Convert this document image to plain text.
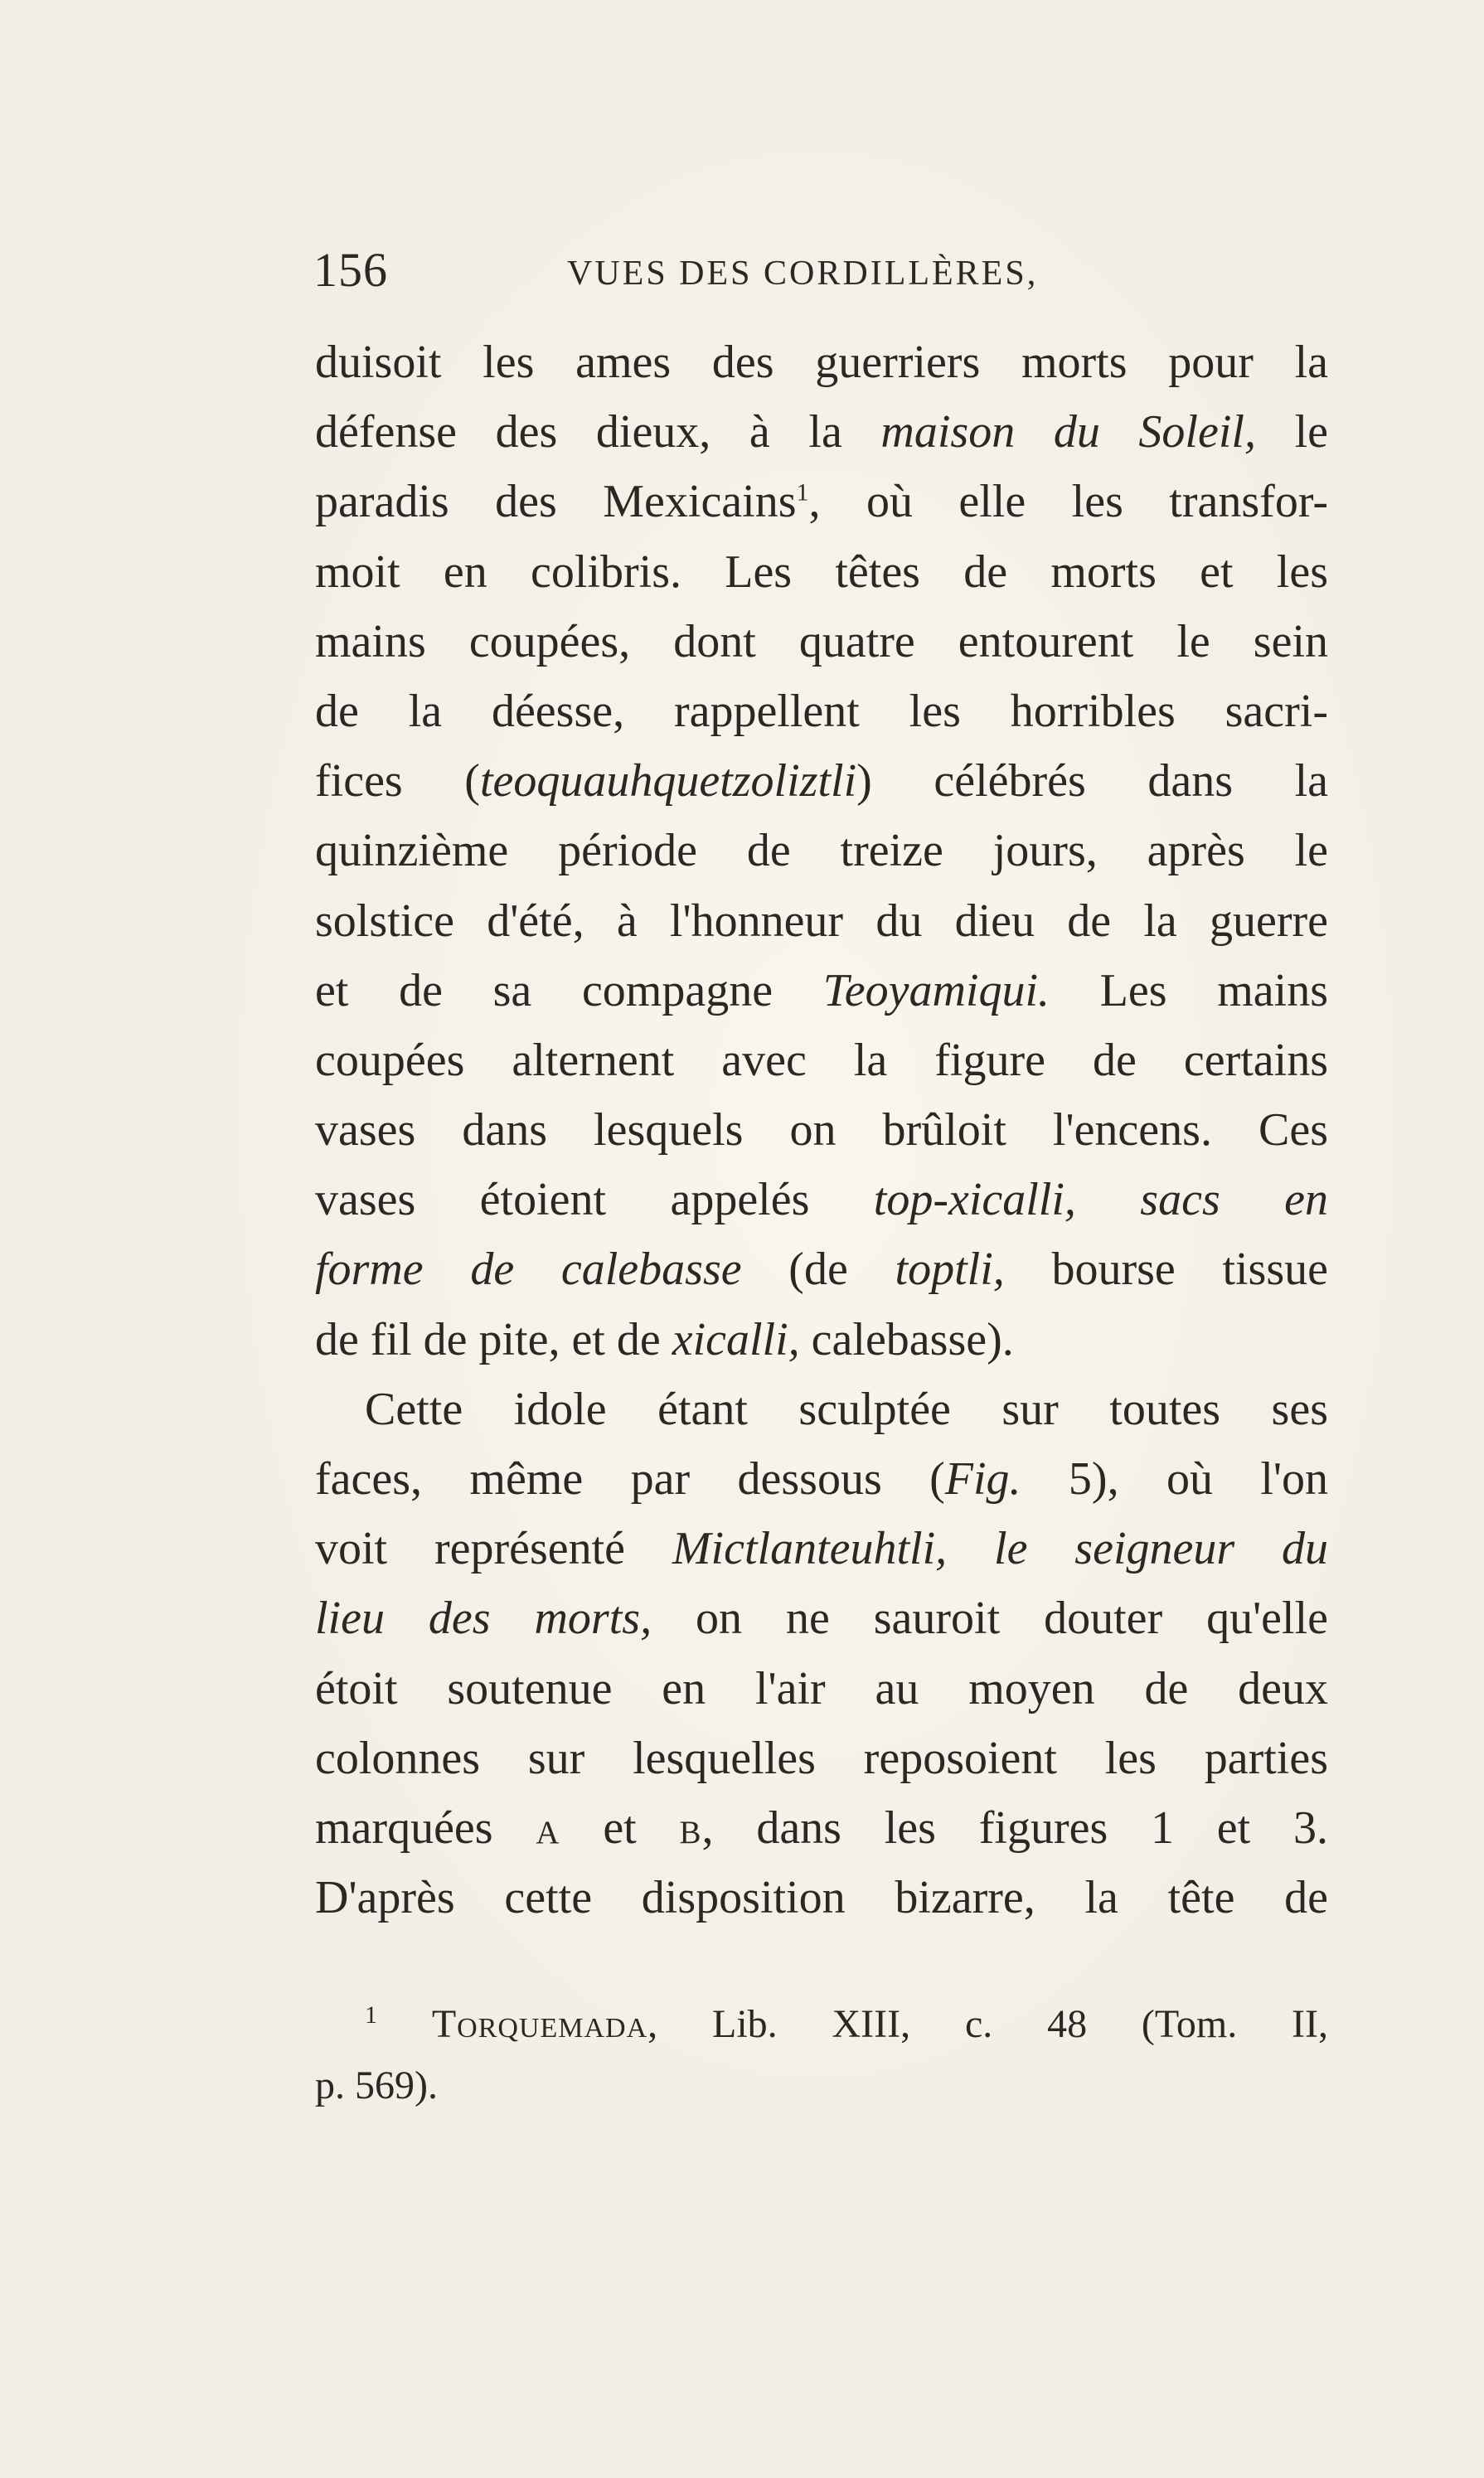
156	VUES DES CORDILLÈRES,
duisoit les ames des guerriers morts pour la
défense des dieux, à la maison du Soleil, le
paradis des Mexicains$^1$, où elle les transfor-
moit en colibris. Les têtes de morts et les
mains coupées, dont quatre entourent le sein
de la déesse, rappellent les horribles sacri-
fices (teoquauhquetzoliztli) célébrés dans la
quinzième période de treize jours, après le
solstice d'été, à l'honneur du dieu de la guerre
et de sa compagne Teoyamiqui. Les mains
coupées alternent avec la figure de certains
vases dans lesquels on brûloit l'encens. Ces
vases étoient appelés top-xicalli, sacs en
forme de calebasse (de toptli, bourse tissue
de fil de pite, et de xicalli, calebasse).
Cette idole étant sculptée sur toutes ses
faces, même par dessous (Fig. 5), où l'on
voit représenté Mictlanteuhtli, le seigneur du
lieu des morts, on ne sauroit douter qu'elle
étoit soutenue en l'air au moyen de deux
colonnes sur lesquelles reposoient les parties
marquées a et b, dans les figures 1 et 3.
D'après cette disposition bizarre, la tête de
$^1$ Torquemada, Lib. XIII, c. 48 (Tom. II,
p. 569).
